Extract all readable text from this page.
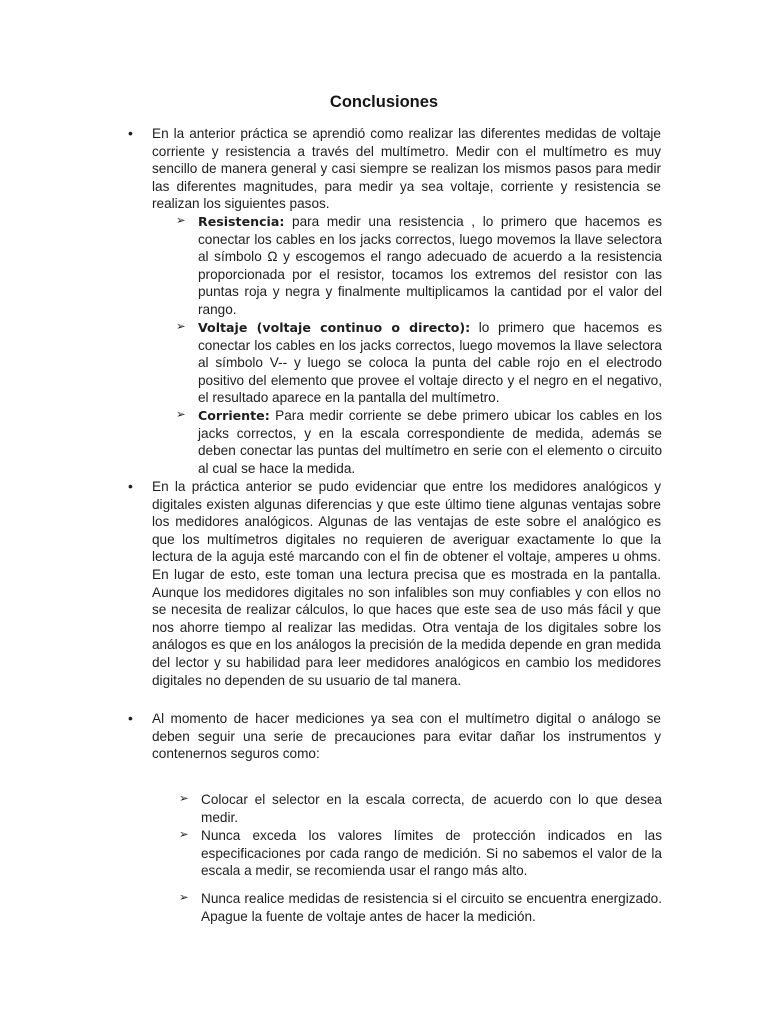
Conclusiones
• En la anterior práctica se aprendió como realizar las diferentes medidas de voltaje corriente y resistencia a través del multímetro. Medir con el multímetro es muy sencillo de manera general y casi siempre se realizan los mismos pasos para medir las diferentes magnitudes, para medir ya sea voltaje, corriente y resistencia se realizan los siguientes pasos.
➢ Resistencia: para medir una resistencia , lo primero que hacemos es conectar los cables en los jacks correctos, luego movemos la llave selectora al símbolo Ω y escogemos el rango adecuado de acuerdo a la resistencia proporcionada por el resistor, tocamos los extremos del resistor con las puntas roja y negra y finalmente multiplicamos la cantidad por el valor del rango.
➢ Voltaje (voltaje continuo o directo): lo primero que hacemos es conectar los cables en los jacks correctos, luego movemos la llave selectora al símbolo V-- y luego se coloca la punta del cable rojo en el electrodo positivo del elemento que provee el voltaje directo y el negro en el negativo, el resultado aparece en la pantalla del multímetro.
➢ Corriente: Para medir corriente se debe primero ubicar los cables en los jacks correctos, y en la escala correspondiente de medida, además se deben conectar las puntas del multímetro en serie con el elemento o circuito al cual se hace la medida.
• En la práctica anterior se pudo evidenciar que entre los medidores analógicos y digitales existen algunas diferencias y que este último tiene algunas ventajas sobre los medidores analógicos. Algunas de las ventajas de este sobre el analógico es que los multímetros digitales no requieren de averiguar exactamente lo que la lectura de la aguja esté marcando con el fin de obtener el voltaje, amperes u ohms. En lugar de esto, este toman una lectura precisa que es mostrada en la pantalla. Aunque los medidores digitales no son infalibles son muy confiables y con ellos no se necesita de realizar cálculos, lo que haces que este sea de uso más fácil y que nos ahorre tiempo al realizar las medidas. Otra ventaja de los digitales sobre los análogos es que en los análogos la precisión de la medida depende en gran medida del lector y su habilidad para leer medidores analógicos en cambio los medidores digitales no dependen de su usuario de tal manera.
• Al momento de hacer mediciones ya sea con el multímetro digital o análogo se deben seguir una serie de precauciones para evitar dañar los instrumentos y contenernos seguros como:
➢ Colocar el selector en la escala correcta, de acuerdo con lo que desea medir.
➢ Nunca exceda los valores límites de protección indicados en las especificaciones por cada rango de medición. Si no sabemos el valor de la escala a medir, se recomienda usar el rango más alto.
➢ Nunca realice medidas de resistencia si el circuito se encuentra energizado. Apague la fuente de voltaje antes de hacer la medición.
